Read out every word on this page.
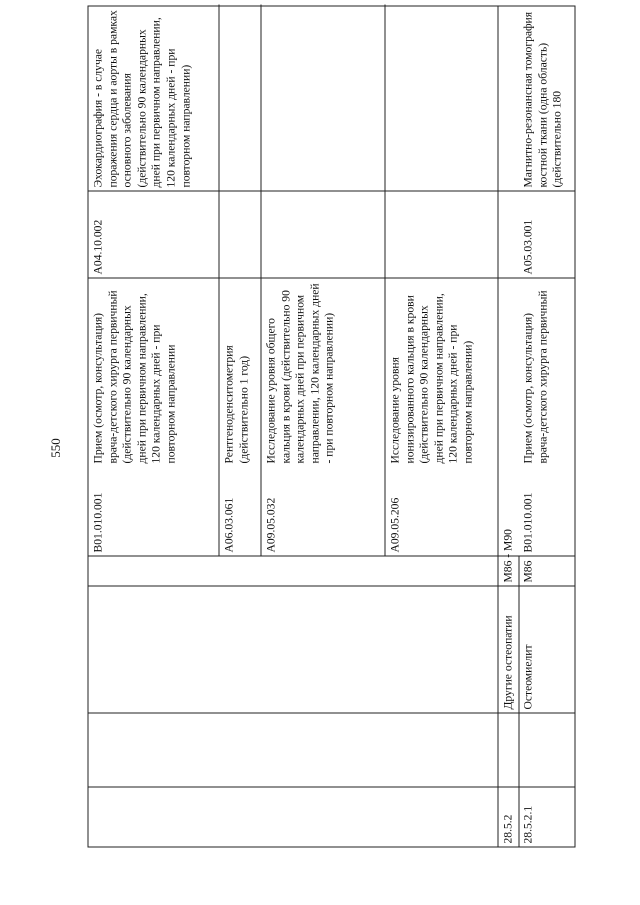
550
28.5.2
Другие остеопатии
M86 - M90
28.5.2.1
Остеомиелит
M86
B01.010.001
Прием (осмотр, консультация) врача-детского хирурга первичный (действительно 90 календарных дней при первичном направлении, 120 календарных дней - при повторном направлении
A06.03.061
Рентгеноденситометрия (действительно 1 год)
A09.05.032
Исследование уровня общего кальция в крови (действительно 90 календарных дней при первичном направлении, 120 календарных дней - при повторном направлении)
A09.05.206
Исследование уровня ионизированного кальция в крови (действительно 90 календарных дней при первичном направлении, 120 календарных дней - при повторном направлении)
B01.010.001
Прием (осмотр, консультация) врача-детского хирурга первичный
A04.10.002
Эхокардиография - в случае поражения сердца и аорты в рамках основного заболевания (действительно 90 календарных дней при первичном направлении, 120 календарных дней - при повторном направлении)
A05.03.001
Магнитно-резонансная томография костной ткани (одна область) (действительно 180
